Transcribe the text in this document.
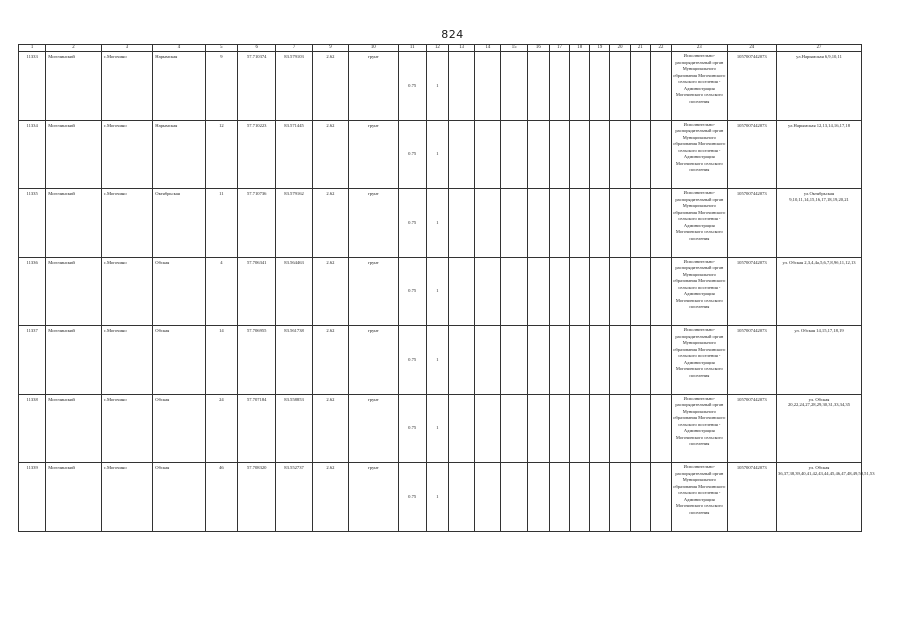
824
1	2	3	4	5	6	7	9	10	11	12	13	14	15	16	17	18	19	20	21	22	23	24	27
11333	Могочинский	с.Могочино	Нарымская	9	57.710374	83.579103	2.62	грунт	0.75	1											Исполнительно-распорядительный орган Муниципального образования Могочинского сельского поселения - Администрация Могочинского сельского поселения	1057007442073	ул.Нарымская 6,9,10,11
11334	Могочинский	с.Могочино	Нарымская	12	57.710223	83.571445	2.62	грунт	0.75	1											Исполнительно-распорядительный орган Муниципального образования Могочинского сельского поселения - Администрация Могочинского сельского поселения	1057007442073	ул.Нарымская 12,13,14,16,17,18
11335	Могочинский	с.Могочино	Октябрьская	11	57.710736	83.579162	2.62	грунт	0.75	1											Исполнительно-распорядительный орган Муниципального образования Могочинского сельского поселения - Администрация Могочинского сельского поселения	1057007442073	ул.Октябрьская 9,10,11,14,15,16,17,18,19,20,21
11336	Могочинский	с.Могочино	Обская	4	57.706341	83.564463	2.62	грунт	0.75	1											Исполнительно-распорядительный орган Муниципального образования Могочинского сельского поселения - Администрация Могочинского сельского поселения	1057007442073	ул. Обская 2,3,4,4а,5,6,7,8,9б,11,12,13
11337	Могочинский	с.Могочино	Обская	14	57.706955	83.561738	2.62	грунт	0.75	1											Исполнительно-распорядительный орган Муниципального образования Могочинского сельского поселения - Администрация Могочинского сельского поселения	1057007442073	ул. Обская 14,15,17,18,19
11338	Могочинский	с.Могочино	Обская	24	57.707184	83.558853	2.62	грунт	0.75	1											Исполнительно-распорядительный орган Муниципального образования Могочинского сельского поселения - Администрация Могочинского сельского поселения	1057007442073	ул. Обская 20,22,24,27,28,29,30,31,33,34,35
11339	Могочинский	с.Могочино	Обская	46	57.708320	83.552737	2.62	грунт	0.75	1											Исполнительно-распорядительный орган Муниципального образования Могочинского сельского поселения - Администрация Могочинского сельского поселения	1057007442073	ул. Обская 36,37,38,39,40,41,42,43,44,45,46,47,48,49,50,51,53
